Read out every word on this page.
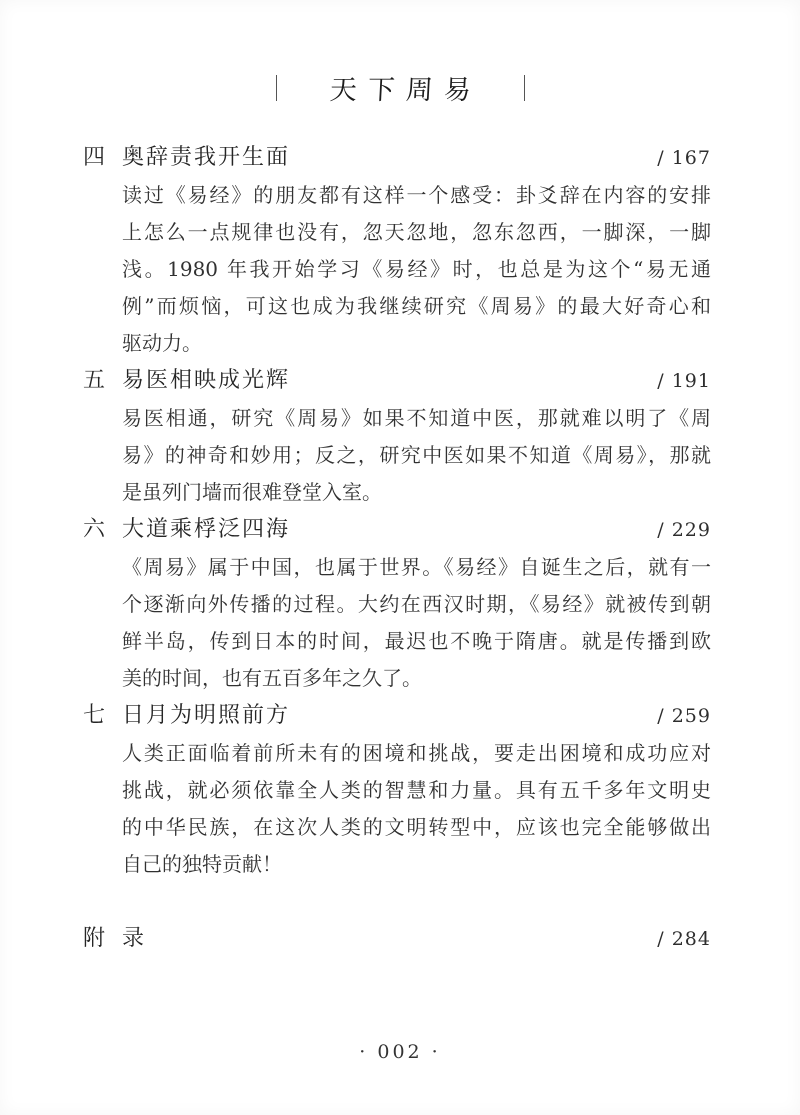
天下周易
四 奥辞责我开生面	/ 167
读过《易经》的朋友都有这样一个感受：卦爻辞在内容的安排
上怎么一点规律也没有，忽天忽地，忽东忽西，一脚深，一脚
浅。1980 年我开始学习《易经》时，也总是为这个“易无通
例”而烦恼，可这也成为我继续研究《周易》的最大好奇心和
驱动力。
五 易医相映成光辉	/ 191
易医相通，研究《周易》如果不知道中医，那就难以明了《周
易》的神奇和妙用；反之，研究中医如果不知道《周易》，那就
是虽列门墙而很难登堂入室。
六 大道乘桴泛四海	/ 229
《周易》属于中国，也属于世界。《易经》自诞生之后，就有一
个逐渐向外传播的过程。大约在西汉时期，《易经》就被传到朝
鲜半岛，传到日本的时间，最迟也不晚于隋唐。就是传播到欧
美的时间，也有五百多年之久了。
七 日月为明照前方	/ 259
人类正面临着前所未有的困境和挑战，要走出困境和成功应对
挑战，就必须依靠全人类的智慧和力量。具有五千多年文明史
的中华民族，在这次人类的文明转型中，应该也完全能够做出
自己的独特贡献！
附 录	/ 284
· 002 ·
